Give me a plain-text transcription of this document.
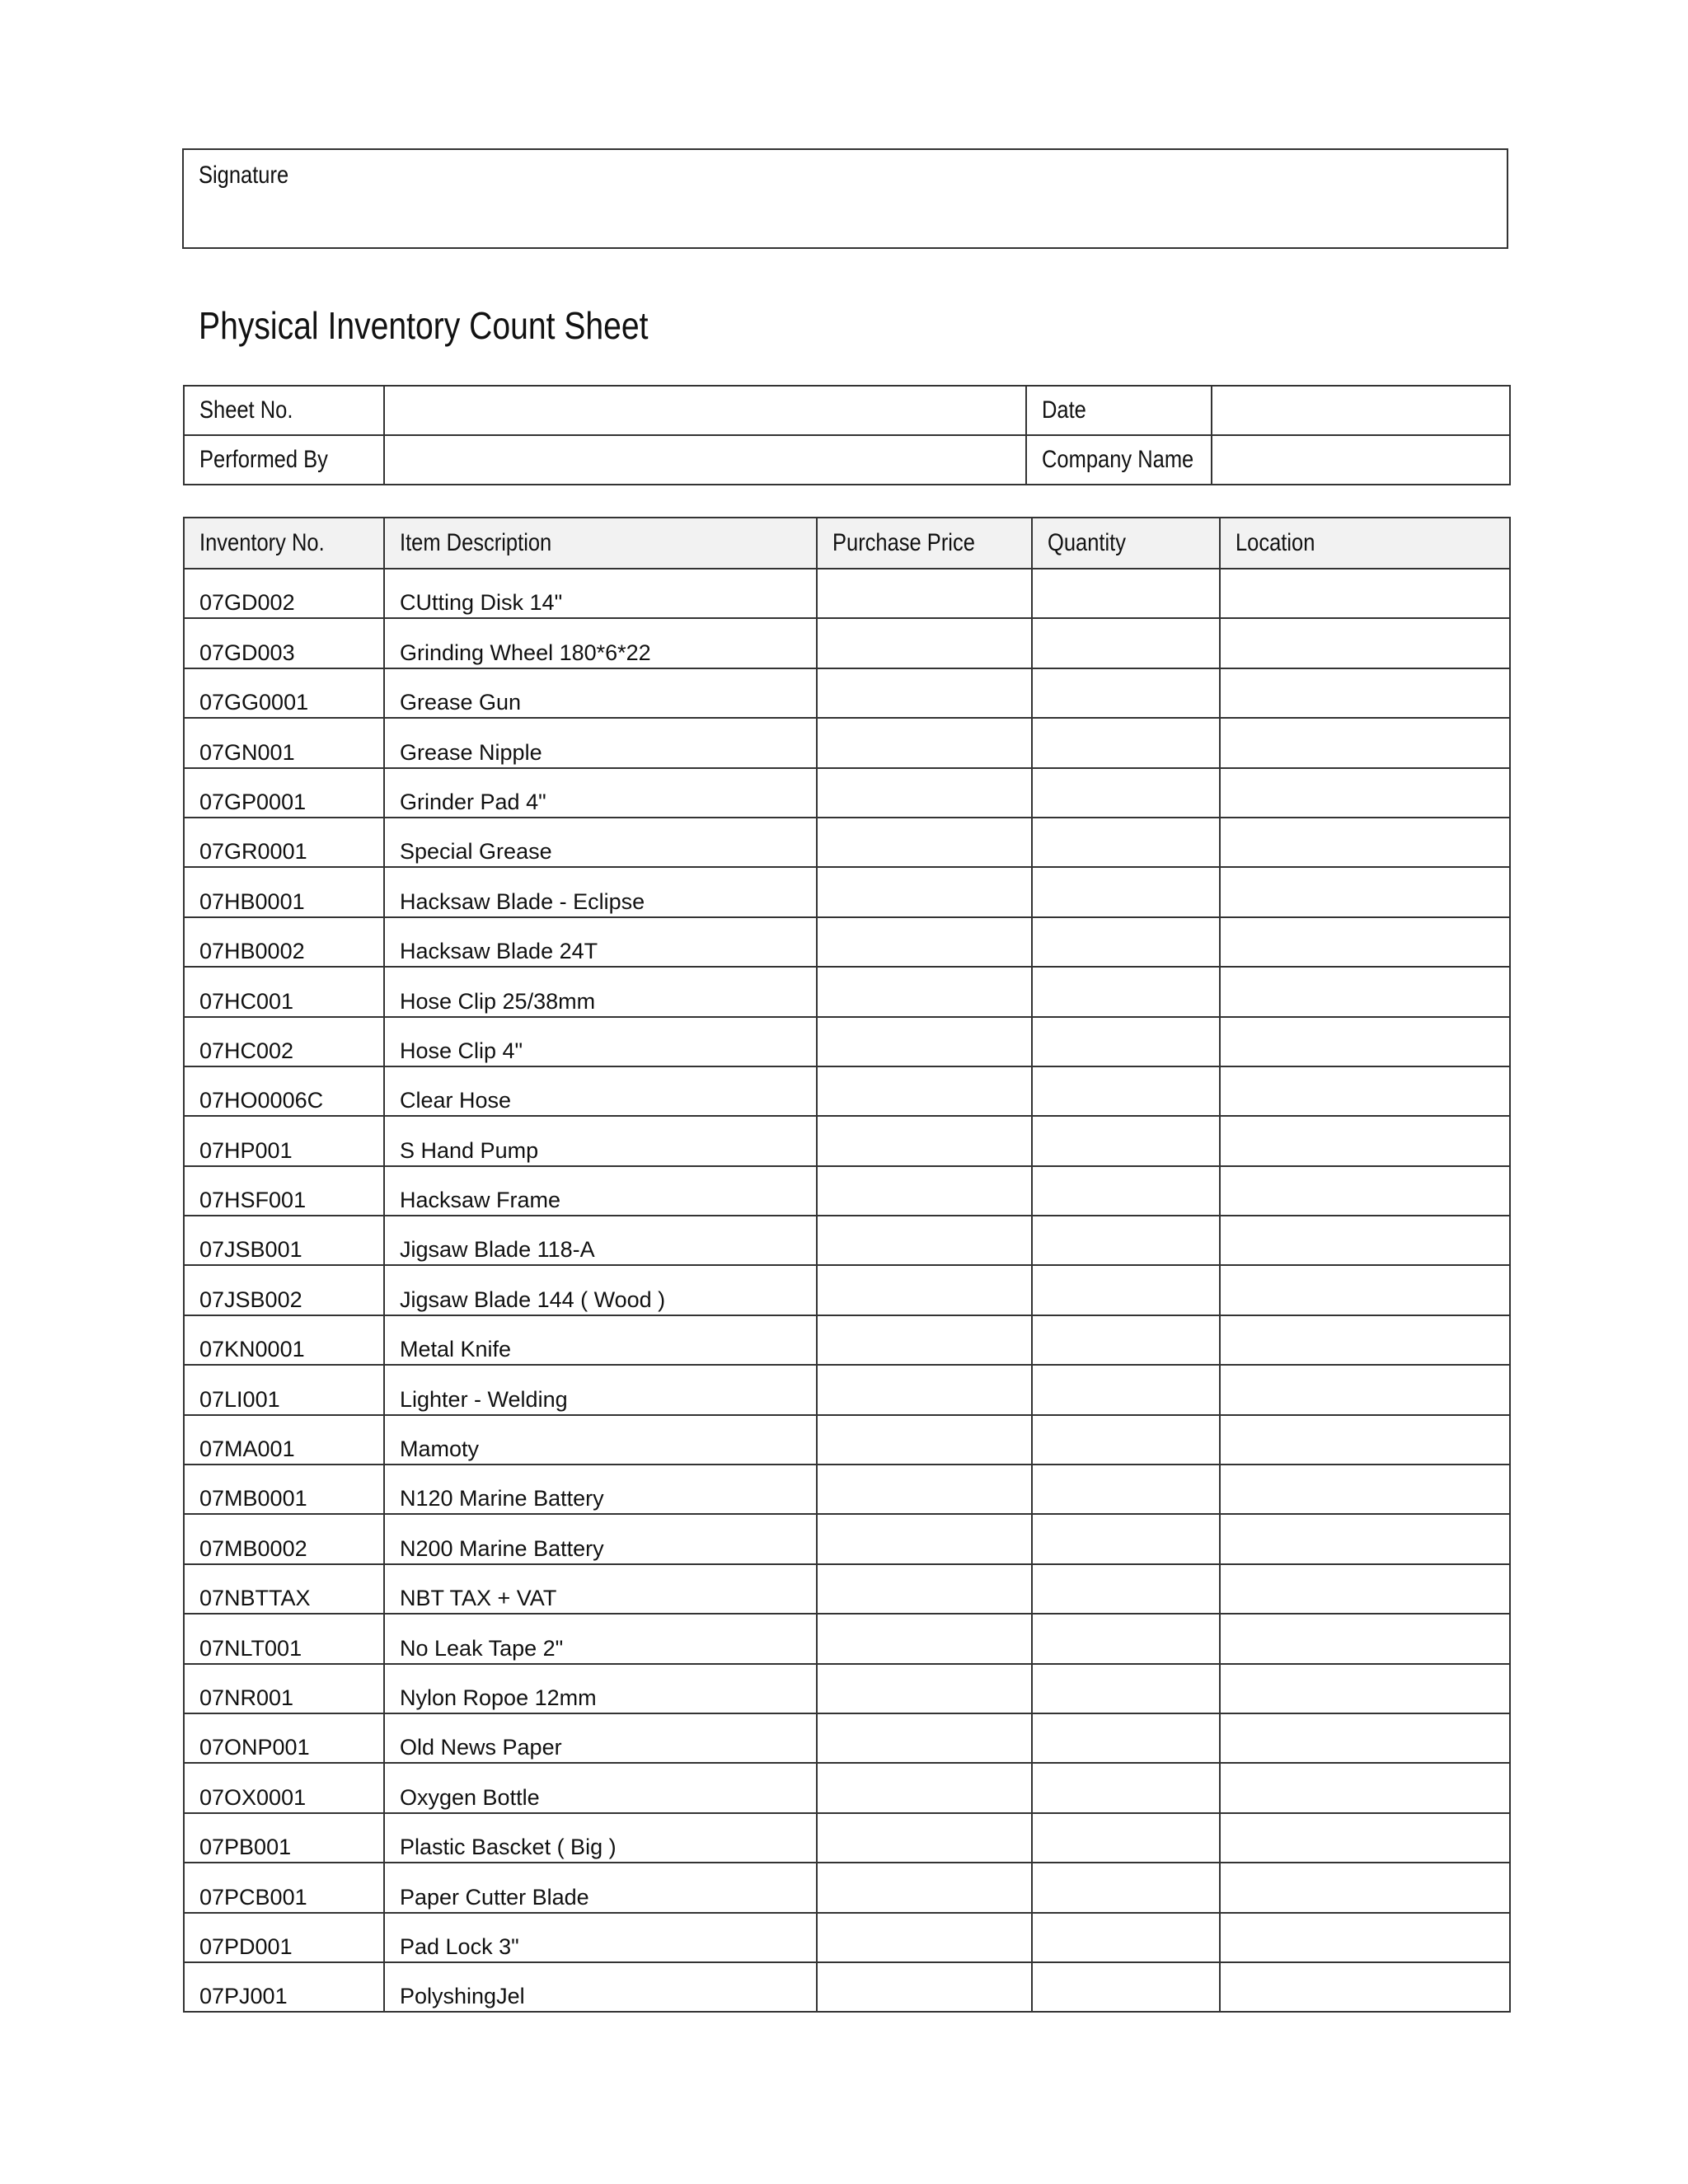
Signature
Physical Inventory Count Sheet
Sheet No.		Date	
Performed By		Company Name	
Inventory No.	Item Description	Purchase Price	Quantity	Location
07GD002	CUtting Disk 14"			
07GD003	Grinding Wheel 180*6*22			
07GG0001	Grease Gun			
07GN001	Grease Nipple			
07GP0001	Grinder Pad 4"			
07GR0001	Special Grease			
07HB0001	Hacksaw Blade - Eclipse			
07HB0002	Hacksaw Blade 24T			
07HC001	Hose Clip 25/38mm			
07HC002	Hose Clip 4"			
07HO0006C	Clear Hose			
07HP001	S Hand Pump			
07HSF001	Hacksaw Frame			
07JSB001	Jigsaw Blade 118-A			
07JSB002	Jigsaw Blade 144 ( Wood )			
07KN0001	Metal Knife			
07LI001	Lighter - Welding			
07MA001	Mamoty			
07MB0001	N120 Marine Battery			
07MB0002	N200 Marine Battery			
07NBTTAX	NBT TAX + VAT			
07NLT001	No Leak Tape 2"			
07NR001	Nylon Ropoe 12mm			
07ONP001	Old News Paper			
07OX0001	Oxygen Bottle			
07PB001	Plastic Bascket ( Big )			
07PCB001	Paper Cutter Blade			
07PD001	Pad Lock 3"			
07PJ001	PolyshingJel			
